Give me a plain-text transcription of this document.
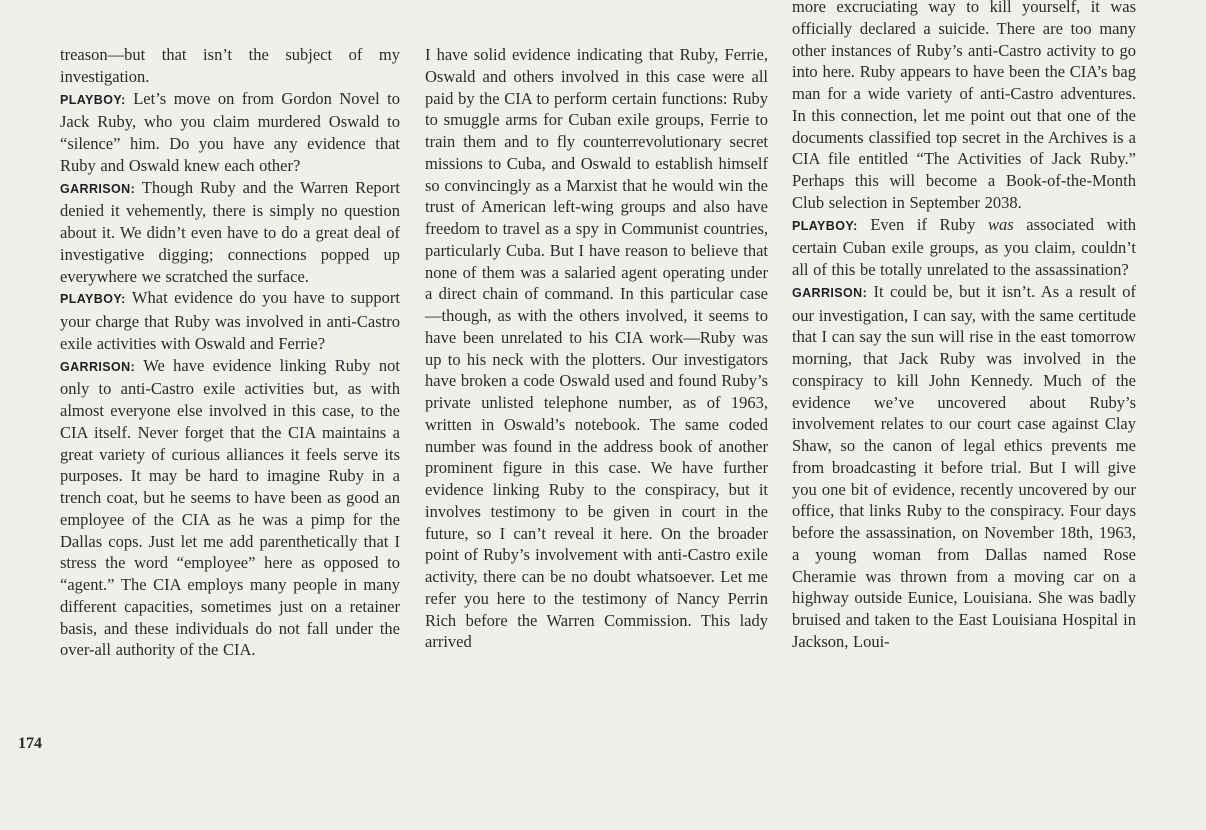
treason—but that isn’t the subject of my investigation.

PLAYBOY: Let’s move on from Gordon Novel to Jack Ruby, who you claim murdered Oswald to “silence” him. Do you have any evidence that Ruby and Oswald knew each other?

GARRISON: Though Ruby and the Warren Report denied it vehemently, there is simply no question about it. We didn’t even have to do a great deal of investigative digging; connections popped up everywhere we scratched the surface.

PLAYBOY: What evidence do you have to support your charge that Ruby was involved in anti-Castro exile activities with Oswald and Ferrie?

GARRISON: We have evidence linking Ruby not only to anti-Castro exile activities but, as with almost everyone else involved in this case, to the CIA itself. Never forget that the CIA maintains a great variety of curious alliances it feels serve its purposes. It may be hard to imagine Ruby in a trench coat, but he seems to have been as good an employee of the CIA as he was a pimp for the Dallas cops. Just let me add parenthetically that I stress the word “employee” here as opposed to “agent.” The CIA employs many people in many different capacities, sometimes just on a retainer basis, and these individuals do not fall under the over-all authority of the CIA.

I have solid evidence indicating that Ruby, Ferrie, Oswald and others involved in this case were all paid by the CIA to perform certain functions: Ruby to smuggle arms for Cuban exile groups, Ferrie to train them and to fly counterrevolutionary secret missions to Cuba, and Oswald to establish himself so convincingly as a Marxist that he would win the trust of American left-wing groups and also have freedom to travel as a spy in Communist countries, particularly Cuba. But I have reason to believe that none of them was a salaried agent operating under a direct chain of command. In this particular case—though, as with the others involved, it seems to have been unrelated to his CIA work—Ruby was up to his neck with the plotters. Our investigators have broken a code Oswald used and found Ruby’s private unlisted telephone number, as of 1963, written in Oswald’s notebook. The same coded number was found in the address book of another prominent figure in this case. We have further evidence linking Ruby to the conspiracy, but it involves testimony to be given in court in the future, so I can’t reveal it here. On the broader point of Ruby’s involvement with anti-Castro exile activity, there can be no doubt whatsoever. Let me refer you here to the testimony of Nancy Perrin Rich before the Warren Commission. This lady arrived

more excruciating way to kill yourself, it was officially declared a suicide. There are too many other instances of Ruby’s anti-Castro activity to go into here. Ruby appears to have been the CIA’s bag man for a wide variety of anti-Castro adventures. In this connection, let me point out that one of the documents classified top secret in the Archives is a CIA file entitled “The Activities of Jack Ruby.” Perhaps this will become a Book-of-the-Month Club selection in September 2038.

PLAYBOY: Even if Ruby was associated with certain Cuban exile groups, as you claim, couldn’t all of this be totally unrelated to the assassination?

GARRISON: It could be, but it isn’t. As a result of our investigation, I can say, with the same certitude that I can say the sun will rise in the east tomorrow morning, that Jack Ruby was involved in the conspiracy to kill John Kennedy. Much of the evidence we’ve uncovered about Ruby’s involvement relates to our court case against Clay Shaw, so the canon of legal ethics prevents me from broadcasting it before trial. But I will give you one bit of evidence, recently uncovered by our office, that links Ruby to the conspiracy. Four days before the assassination, on November 18th, 1963, a young woman from Dallas named Rose Cheramie was thrown from a moving car on a highway outside Eunice, Louisiana. She was badly bruised and taken to the East Louisiana Hospital in Jackson, Loui-

174
